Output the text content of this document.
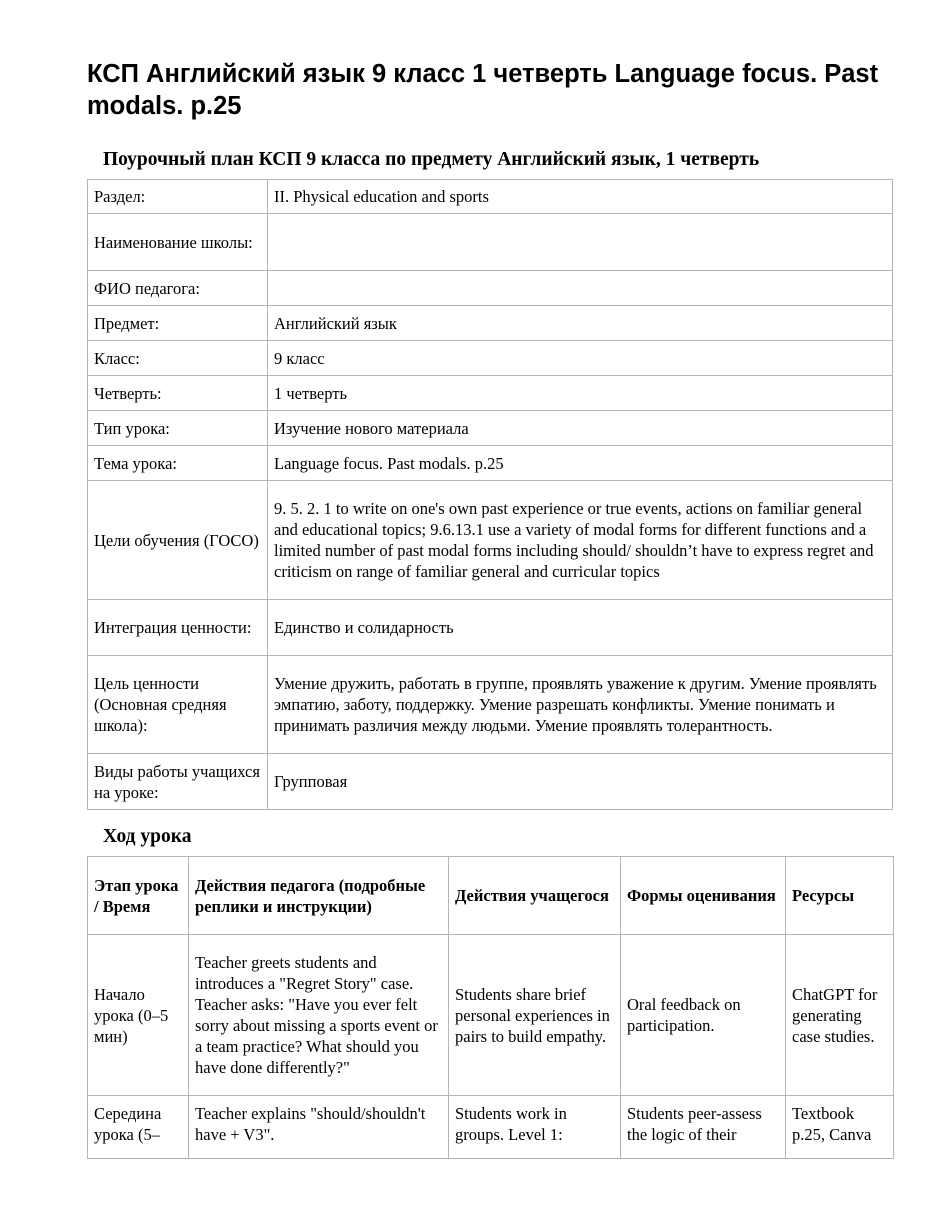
КСП Английский язык 9 класс 1 четверть Language focus. Past modals. p.25
Поурочный план КСП 9 класса по предмету Английский язык, 1 четверть
Раздел:	II. Physical education and sports
Наименование школы:	
ФИО педагога:	
Предмет:	Английский язык
Класс:	9 класс
Четверть:	1 четверть
Тип урока:	Изучение нового материала
Тема урока:	Language focus. Past modals. p.25
Цели обучения (ГОСО)	9. 5. 2. 1 to write on one's own past experience or true events, actions on familiar general and educational topics; 9.6.13.1 use a variety of modal forms for different functions and a limited number of past modal forms including should/ shouldn’t have to express regret and criticism on range of familiar general and curricular topics
Интеграция ценности:	Единство и солидарность
Цель ценности (Основная средняя школа):	Умение дружить, работать в группе, проявлять уважение к другим. Умение проявлять эмпатию, заботу, поддержку. Умение разрешать конфликты. Умение понимать и принимать различия между людьми. Умение проявлять толерантность.
Виды работы учащихся на уроке:	Групповая
Ход урока
Этап урока / Время	Действия педагога (подробные реплики и инструкции)	Действия учащегося	Формы оценивания	Ресурсы
Начало урока (0–5 мин)	Teacher greets students and introduces a "Regret Story" case. Teacher asks: "Have you ever felt sorry about missing a sports event or a team practice? What should you have done differently?"	Students share brief personal experiences in pairs to build empathy.	Oral feedback on participation.	ChatGPT for generating case studies.
Середина урока (5–	Teacher explains "should/shouldn't have + V3".	Students work in groups. Level 1:	Students peer-assess the logic of their	Textbook p.25, Canva
